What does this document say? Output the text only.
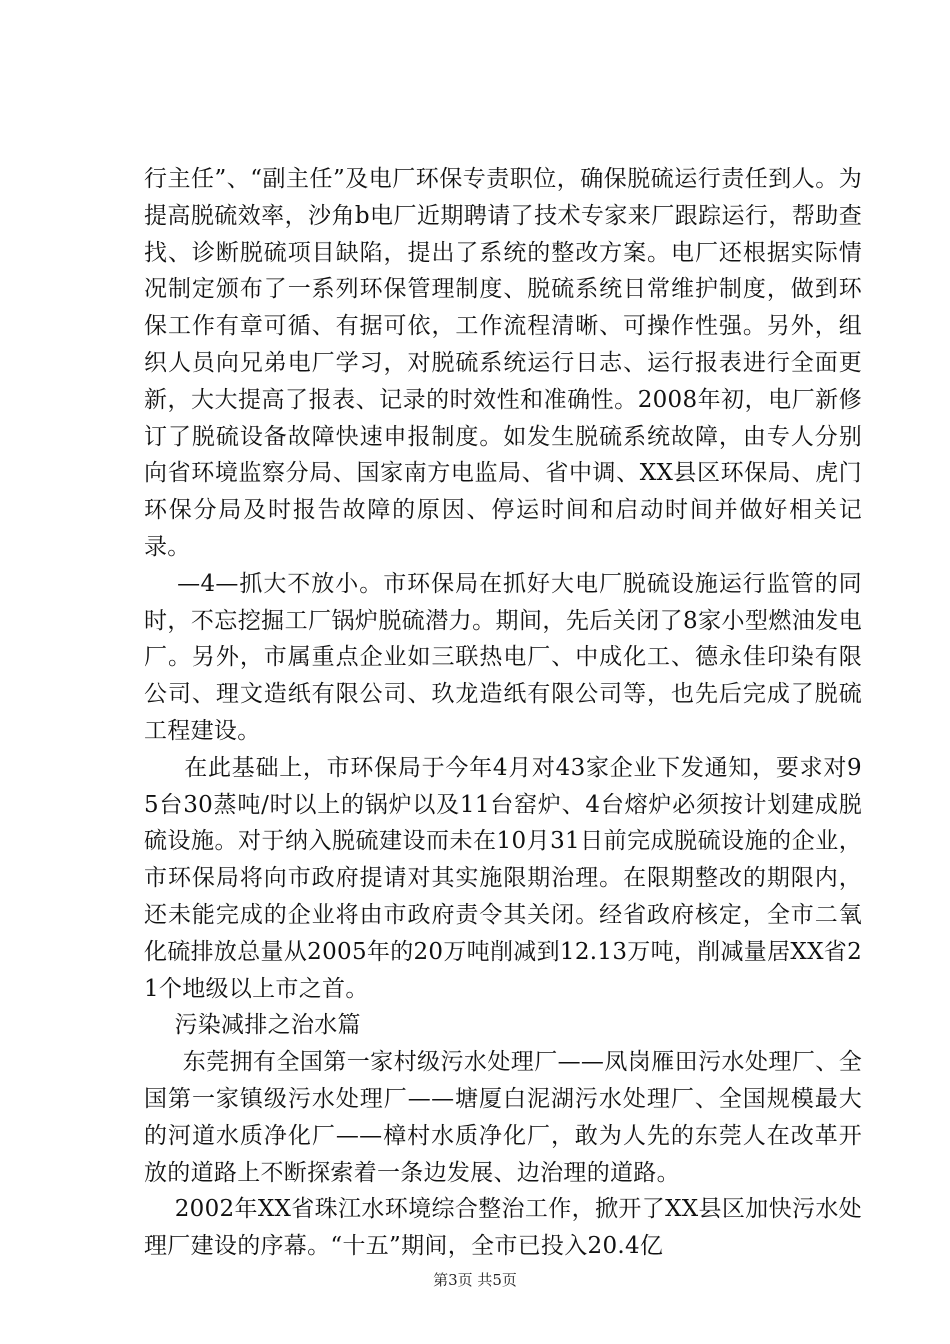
行主任”、“副主任”及电厂环保专责职位，确保脱硫运行责任到人。为提高脱硫效率，沙角b电厂近期聘请了技术专家来厂跟踪运行，帮助查找、诊断脱硫项目缺陷，提出了系统的整改方案。电厂还根据实际情况制定颁布了一系列环保管理制度、脱硫系统日常维护制度，做到环保工作有章可循、有据可依，工作流程清晰、可操作性强。另外，组织人员向兄弟电厂学习，对脱硫系统运行日志、运行报表进行全面更新，大大提高了报表、记录的时效性和准确性。2008年初，电厂新修订了脱硫设备故障快速申报制度。如发生脱硫系统故障，由专人分别向省环境监察分局、国家南方电监局、省中调、XX县区环保局、虎门环保分局及时报告故障的原因、停运时间和启动时间并做好相关记录。

—4—抓大不放小。市环保局在抓好大电厂脱硫设施运行监管的同时，不忘挖掘工厂锅炉脱硫潜力。期间，先后关闭了8家小型燃油发电厂。另外，市属重点企业如三联热电厂、中成化工、德永佳印染有限公司、理文造纸有限公司、玖龙造纸有限公司等，也先后完成了脱硫工程建设。

在此基础上，市环保局于今年4月对43家企业下发通知，要求对95台30蒸吨/时以上的锅炉以及11台窑炉、4台熔炉必须按计划建成脱硫设施。对于纳入脱硫建设而未在10月31日前完成脱硫设施的企业，市环保局将向市政府提请对其实施限期治理。在限期整改的期限内，还未能完成的企业将由市政府责令其关闭。经省政府核定，全市二氧化硫排放总量从2005年的20万吨削减到12.13万吨，削减量居XX省21个地级以上市之首。

污染减排之治水篇

东莞拥有全国第一家村级污水处理厂——凤岗雁田污水处理厂、全国第一家镇级污水处理厂——塘厦白泥湖污水处理厂、全国规模最大的河道水质净化厂——樟村水质净化厂，敢为人先的东莞人在改革开放的道路上不断探索着一条边发展、边治理的道路。

2002年XX省珠江水环境综合整治工作，掀开了XX县区加快污水处理厂建设的序幕。“十五”期间，全市已投入20.4亿

第3页 共5页
